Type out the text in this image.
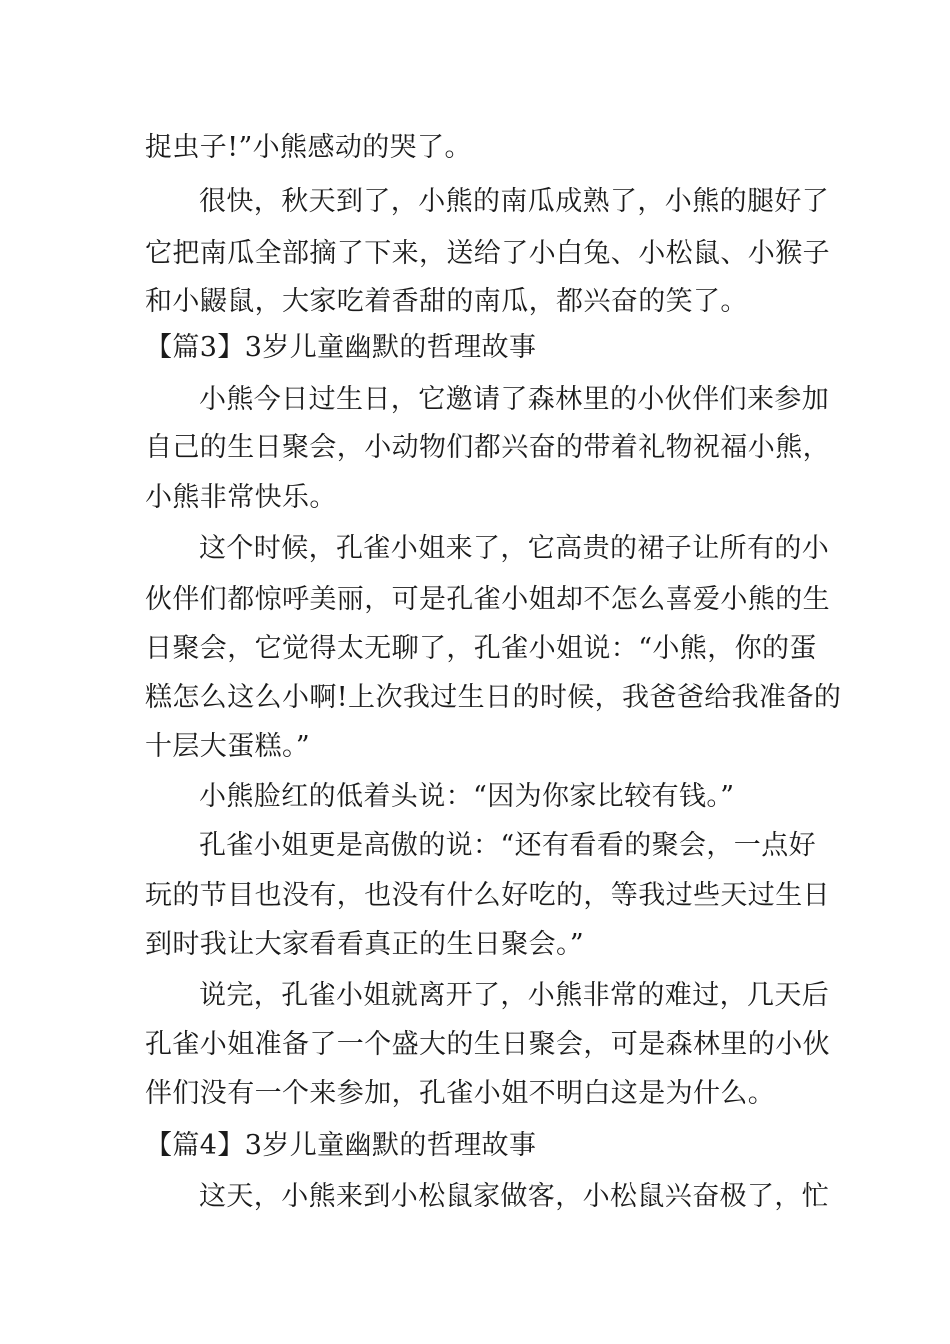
捉虫子!”小熊感动的哭了。
很快，秋天到了，小熊的南瓜成熟了，小熊的腿好了
它把南瓜全部摘了下来，送给了小白兔、小松鼠、小猴子
和小鼹鼠，大家吃着香甜的南瓜，都兴奋的笑了。
【篇3】3岁儿童幽默的哲理故事
小熊今日过生日，它邀请了森林里的小伙伴们来参加
自己的生日聚会，小动物们都兴奋的带着礼物祝福小熊，
小熊非常快乐。
这个时候，孔雀小姐来了，它高贵的裙子让所有的小
伙伴们都惊呼美丽，可是孔雀小姐却不怎么喜爱小熊的生
日聚会，它觉得太无聊了，孔雀小姐说：“小熊，你的蛋
糕怎么这么小啊!上次我过生日的时候，我爸爸给我准备的
十层大蛋糕。”
小熊脸红的低着头说：“因为你家比较有钱。”
孔雀小姐更是高傲的说：“还有看看的聚会，一点好
玩的节目也没有，也没有什么好吃的，等我过些天过生日
到时我让大家看看真正的生日聚会。”
说完，孔雀小姐就离开了，小熊非常的难过，几天后
孔雀小姐准备了一个盛大的生日聚会，可是森林里的小伙
伴们没有一个来参加，孔雀小姐不明白这是为什么。
【篇4】3岁儿童幽默的哲理故事
这天，小熊来到小松鼠家做客，小松鼠兴奋极了，忙
